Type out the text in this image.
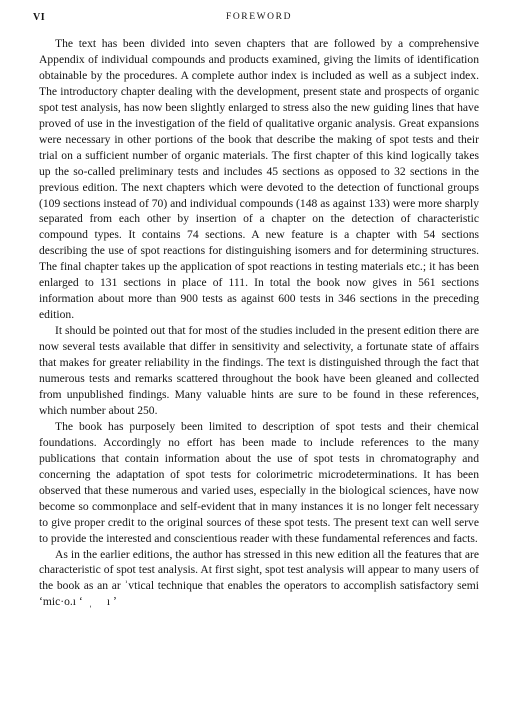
VI	FOREWORD

The text has been divided into seven chapters that are followed by a comprehensive Appendix of individual compounds and products examined, giving the limits of identification obtainable by the procedures. A complete author index is included as well as a subject index. The introductory chapter dealing with the development, present state and prospects of organic spot test analysis, has now been slightly enlarged to stress also the new guiding lines that have proved of use in the investigation of the field of qualitative organic analysis. Great expansions were necessary in other portions of the book that describe the making of spot tests and their trial on a sufficient number of organic materials. The first chapter of this kind logically takes up the so-called preliminary tests and includes 45 sections as opposed to 32 sections in the previous edition. The next chapters which were devoted to the detection of functional groups (109 sections instead of 70) and individual compounds (148 as against 133) were more sharply separated from each other by insertion of a chapter on the detection of characteristic compound types. It contains 74 sections. A new feature is a chapter with 54 sections describing the use of spot reactions for distinguishing isomers and for determining structures. The final chapter takes up the application of spot reactions in testing materials etc.; it has been enlarged to 131 sections in place of 111. In total the book now gives in 561 sections information about more than 900 tests as against 600 tests in 346 sections in the preceding edition.

It should be pointed out that for most of the studies included in the present edition there are now several tests available that differ in sensitivity and selectivity, a fortunate state of affairs that makes for greater reliability in the findings. The text is distinguished through the fact that numerous tests and remarks scattered throughout the book have been gleaned and collected from unpublished findings. Many valuable hints are sure to be found in these references, which number about 250.

The book has purposely been limited to description of spot tests and their chemical foundations. Accordingly no effort has been made to include references to the many publications that contain information about the use of spot tests in chromatography and concerning the adaptation of spot tests for colorimetric microdeterminations. It has been observed that these numerous and varied uses, especially in the biological sciences, have now become so commonplace and self-evident that in many instances it is no longer felt necessary to give proper credit to the original sources of these spot tests. The present text can well serve to provide the interested and conscientious reader with these fundamental references and facts.

As in the earlier editions, the author has stressed in this new edition all the features that are characteristic of spot test analysis. At first sight, spot test analysis will appear to many users of the book as an ar ʾvtical technique that enables the operators to accomplish satisfactory semi ʻmic·o.ı ‘  ˌ     ı ʼ
